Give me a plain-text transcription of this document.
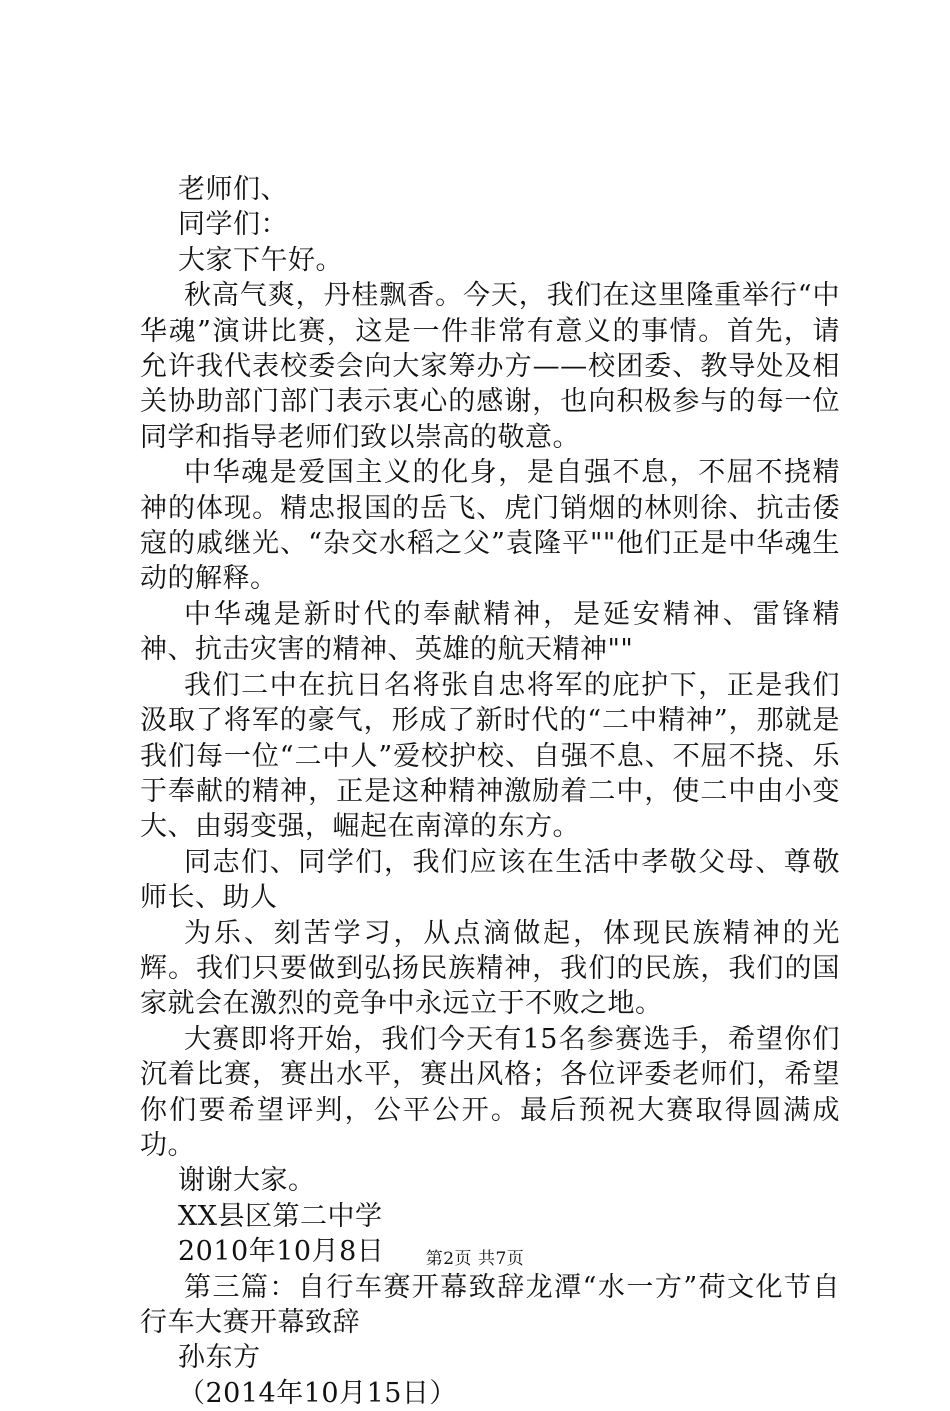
老师们、

同学们：

大家下午好。

秋高气爽，丹桂飘香。今天，我们在这里隆重举行“中华魂”演讲比赛，这是一件非常有意义的事情。首先，请允许我代表校委会向大家筹办方——校团委、教导处及相关协助部门部门表示衷心的感谢，也向积极参与的每一位同学和指导老师们致以崇高的敬意。

中华魂是爱国主义的化身，是自强不息，不屈不挠精神的体现。精忠报国的岳飞、虎门销烟的林则徐、抗击倭寇的戚继光、“杂交水稻之父”袁隆平""他们正是中华魂生动的解释。

中华魂是新时代的奉献精神，是延安精神、雷锋精神、抗击灾害的精神、英雄的航天精神""

我们二中在抗日名将张自忠将军的庇护下，正是我们汲取了将军的豪气，形成了新时代的“二中精神”，那就是我们每一位“二中人”爱校护校、自强不息、不屈不挠、乐于奉献的精神，正是这种精神激励着二中，使二中由小变大、由弱变强，崛起在南漳的东方。

同志们、同学们，我们应该在生活中孝敬父母、尊敬师长、助人

为乐、刻苦学习，从点滴做起，体现民族精神的光辉。我们只要做到弘扬民族精神，我们的民族，我们的国家就会在激烈的竞争中永远立于不败之地。

大赛即将开始，我们今天有15名参赛选手，希望你们沉着比赛，赛出水平，赛出风格；各位评委老师们，希望你们要希望评判，公平公开。最后预祝大赛取得圆满成功。

谢谢大家。

XX县区第二中学

2010年10月8日

第三篇：自行车赛开幕致辞龙潭“水一方”荷文化节自行车大赛开幕致辞

孙东方

（2014年10月15日）

第2页 共7页
